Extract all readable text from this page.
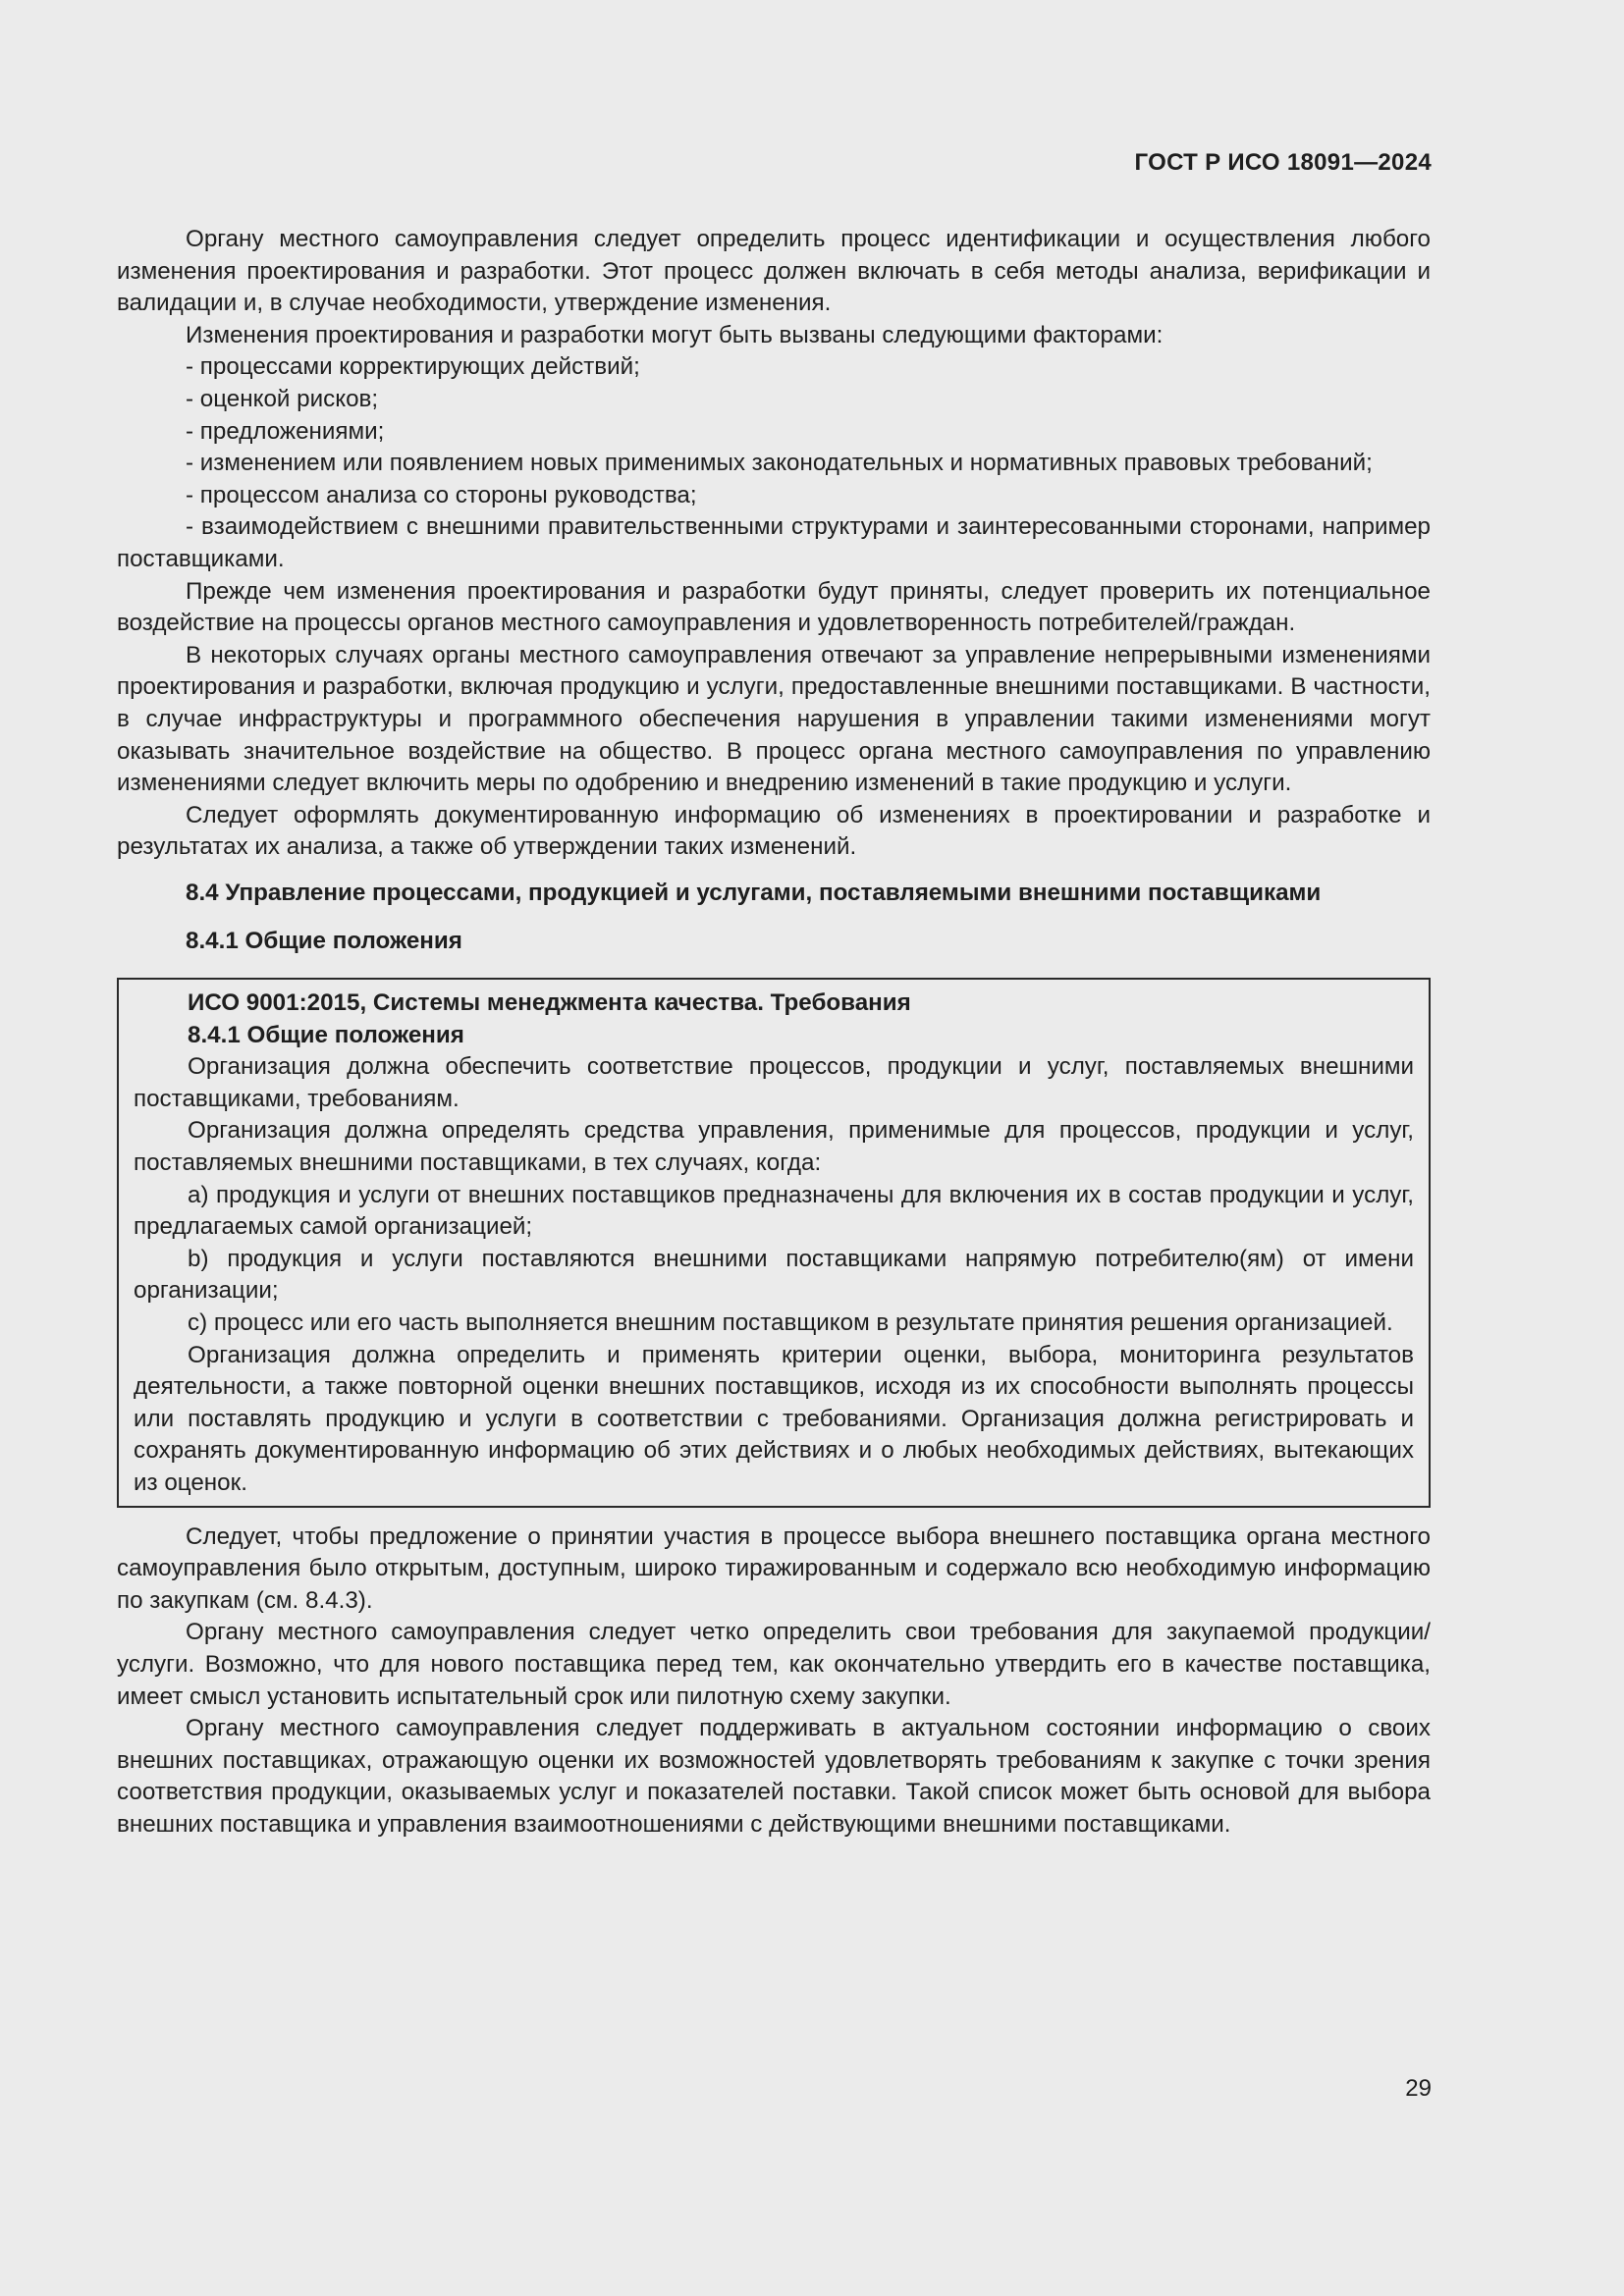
ГОСТ Р ИСО 18091—2024

Органу местного самоуправления следует определить процесс идентификации и осуществления любого изменения проектирования и разработки. Этот процесс должен включать в себя методы анализа, верификации и валидации и, в случае необходимости, утверждение изменения.

Изменения проектирования и разработки могут быть вызваны следующими факторами:

- процессами корректирующих действий;

- оценкой рисков;

- предложениями;

- изменением или появлением новых применимых законодательных и нормативных правовых требований;

- процессом анализа со стороны руководства;

- взаимодействием с внешними правительственными структурами и заинтересованными сторонами, например поставщиками.

Прежде чем изменения проектирования и разработки будут приняты, следует проверить их потенциальное воздействие на процессы органов местного самоуправления и удовлетворенность потребителей/граждан.

В некоторых случаях органы местного самоуправления отвечают за управление непрерывными изменениями проектирования и разработки, включая продукцию и услуги, предоставленные внешними поставщиками. В частности, в случае инфраструктуры и программного обеспечения нарушения в управлении такими изменениями могут оказывать значительное воздействие на общество. В процесс органа местного самоуправления по управлению изменениями следует включить меры по одобрению и внедрению изменений в такие продукцию и услуги.

Следует оформлять документированную информацию об изменениях в проектировании и разработке и результатах их анализа, а также об утверждении таких изменений.

8.4 Управление процессами, продукцией и услугами, поставляемыми внешними поставщиками

8.4.1 Общие положения

ИСО 9001:2015, Системы менеджмента качества. Требования

8.4.1 Общие положения

Организация должна обеспечить соответствие процессов, продукции и услуг, поставляемых внешними поставщиками, требованиям.

Организация должна определять средства управления, применимые для процессов, продукции и услуг, поставляемых внешними поставщиками, в тех случаях, когда:

a) продукция и услуги от внешних поставщиков предназначены для включения их в состав продукции и услуг, предлагаемых самой организацией;

b) продукция и услуги поставляются внешними поставщиками напрямую потребителю(ям) от имени организации;

c) процесс или его часть выполняется внешним поставщиком в результате принятия решения организацией.

Организация должна определить и применять критерии оценки, выбора, мониторинга результатов деятельности, а также повторной оценки внешних поставщиков, исходя из их способности выполнять процессы или поставлять продукцию и услуги в соответствии с требованиями. Организация должна регистрировать и сохранять документированную информацию об этих действиях и о любых необходимых действиях, вытекающих из оценок.

Следует, чтобы предложение о принятии участия в процессе выбора внешнего поставщика органа местного самоуправления было открытым, доступным, широко тиражированным и содержало всю необходимую информацию по закупкам (см. 8.4.3).

Органу местного самоуправления следует четко определить свои требования для закупаемой продукции/услуги. Возможно, что для нового поставщика перед тем, как окончательно утвердить его в качестве поставщика, имеет смысл установить испытательный срок или пилотную схему закупки.

Органу местного самоуправления следует поддерживать в актуальном состоянии информацию о своих внешних поставщиках, отражающую оценки их возможностей удовлетворять требованиям к закупке с точки зрения соответствия продукции, оказываемых услуг и показателей поставки. Такой список может быть основой для выбора внешних поставщика и управления взаимоотношениями с действующими внешними поставщиками.

29
